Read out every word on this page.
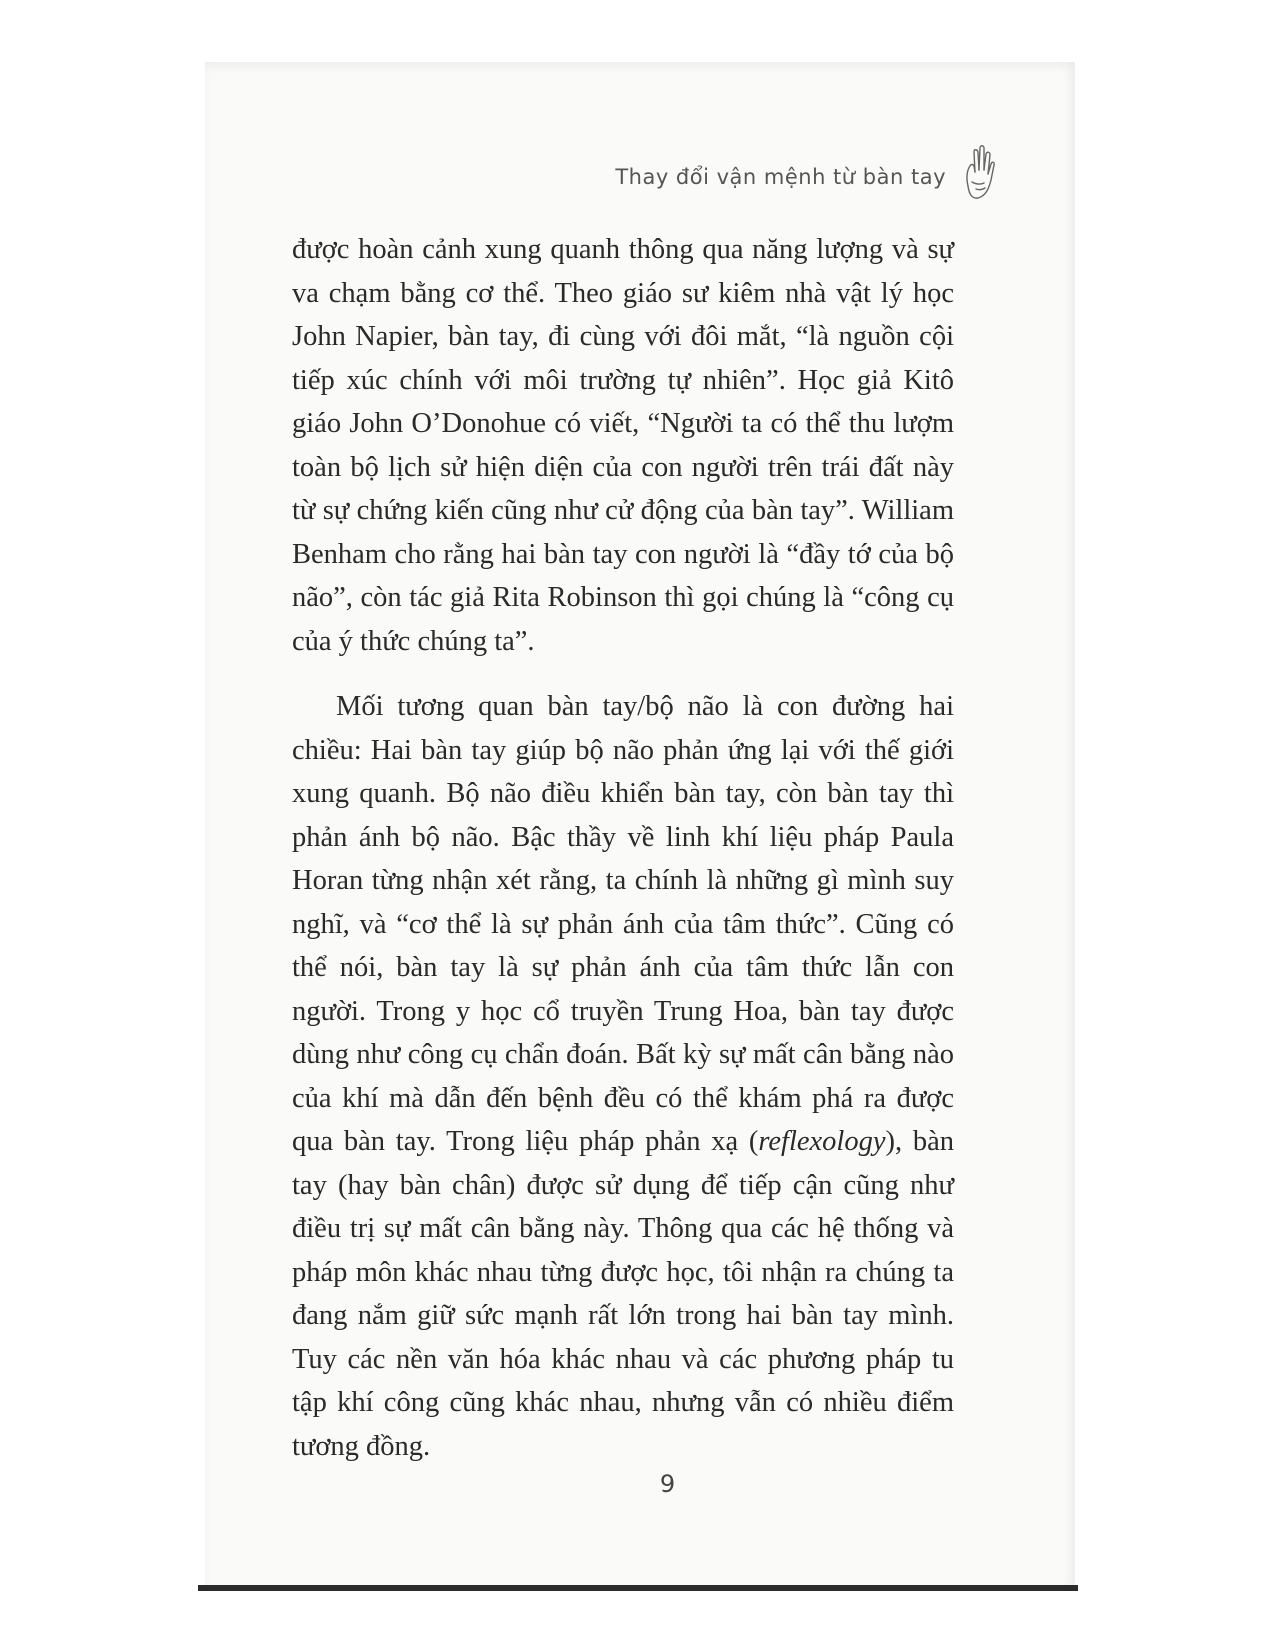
Thay đổi vận mệnh từ bàn tay

được hoàn cảnh xung quanh thông qua năng lượng và sự va chạm bằng cơ thể. Theo giáo sư kiêm nhà vật lý học John Napier, bàn tay, đi cùng với đôi mắt, “là nguồn cội tiếp xúc chính với môi trường tự nhiên”. Học giả Kitô giáo John O’Donohue có viết, “Người ta có thể thu lượm toàn bộ lịch sử hiện diện của con người trên trái đất này từ sự chứng kiến cũng như cử động của bàn tay”. William Benham cho rằng hai bàn tay con người là “đầy tớ của bộ não”, còn tác giả Rita Robinson thì gọi chúng là “công cụ của ý thức chúng ta”.

Mối tương quan bàn tay/bộ não là con đường hai chiều: Hai bàn tay giúp bộ não phản ứng lại với thế giới xung quanh. Bộ não điều khiển bàn tay, còn bàn tay thì phản ánh bộ não. Bậc thầy về linh khí liệu pháp Paula Horan từng nhận xét rằng, ta chính là những gì mình suy nghĩ, và “cơ thể là sự phản ánh của tâm thức”. Cũng có thể nói, bàn tay là sự phản ánh của tâm thức lẫn con người. Trong y học cổ truyền Trung Hoa, bàn tay được dùng như công cụ chẩn đoán. Bất kỳ sự mất cân bằng nào của khí mà dẫn đến bệnh đều có thể khám phá ra được qua bàn tay. Trong liệu pháp phản xạ (reflexology), bàn tay (hay bàn chân) được sử dụng để tiếp cận cũng như điều trị sự mất cân bằng này. Thông qua các hệ thống và pháp môn khác nhau từng được học, tôi nhận ra chúng ta đang nắm giữ sức mạnh rất lớn trong hai bàn tay mình. Tuy các nền văn hóa khác nhau và các phương pháp tu tập khí công cũng khác nhau, nhưng vẫn có nhiều điểm tương đồng.

9
